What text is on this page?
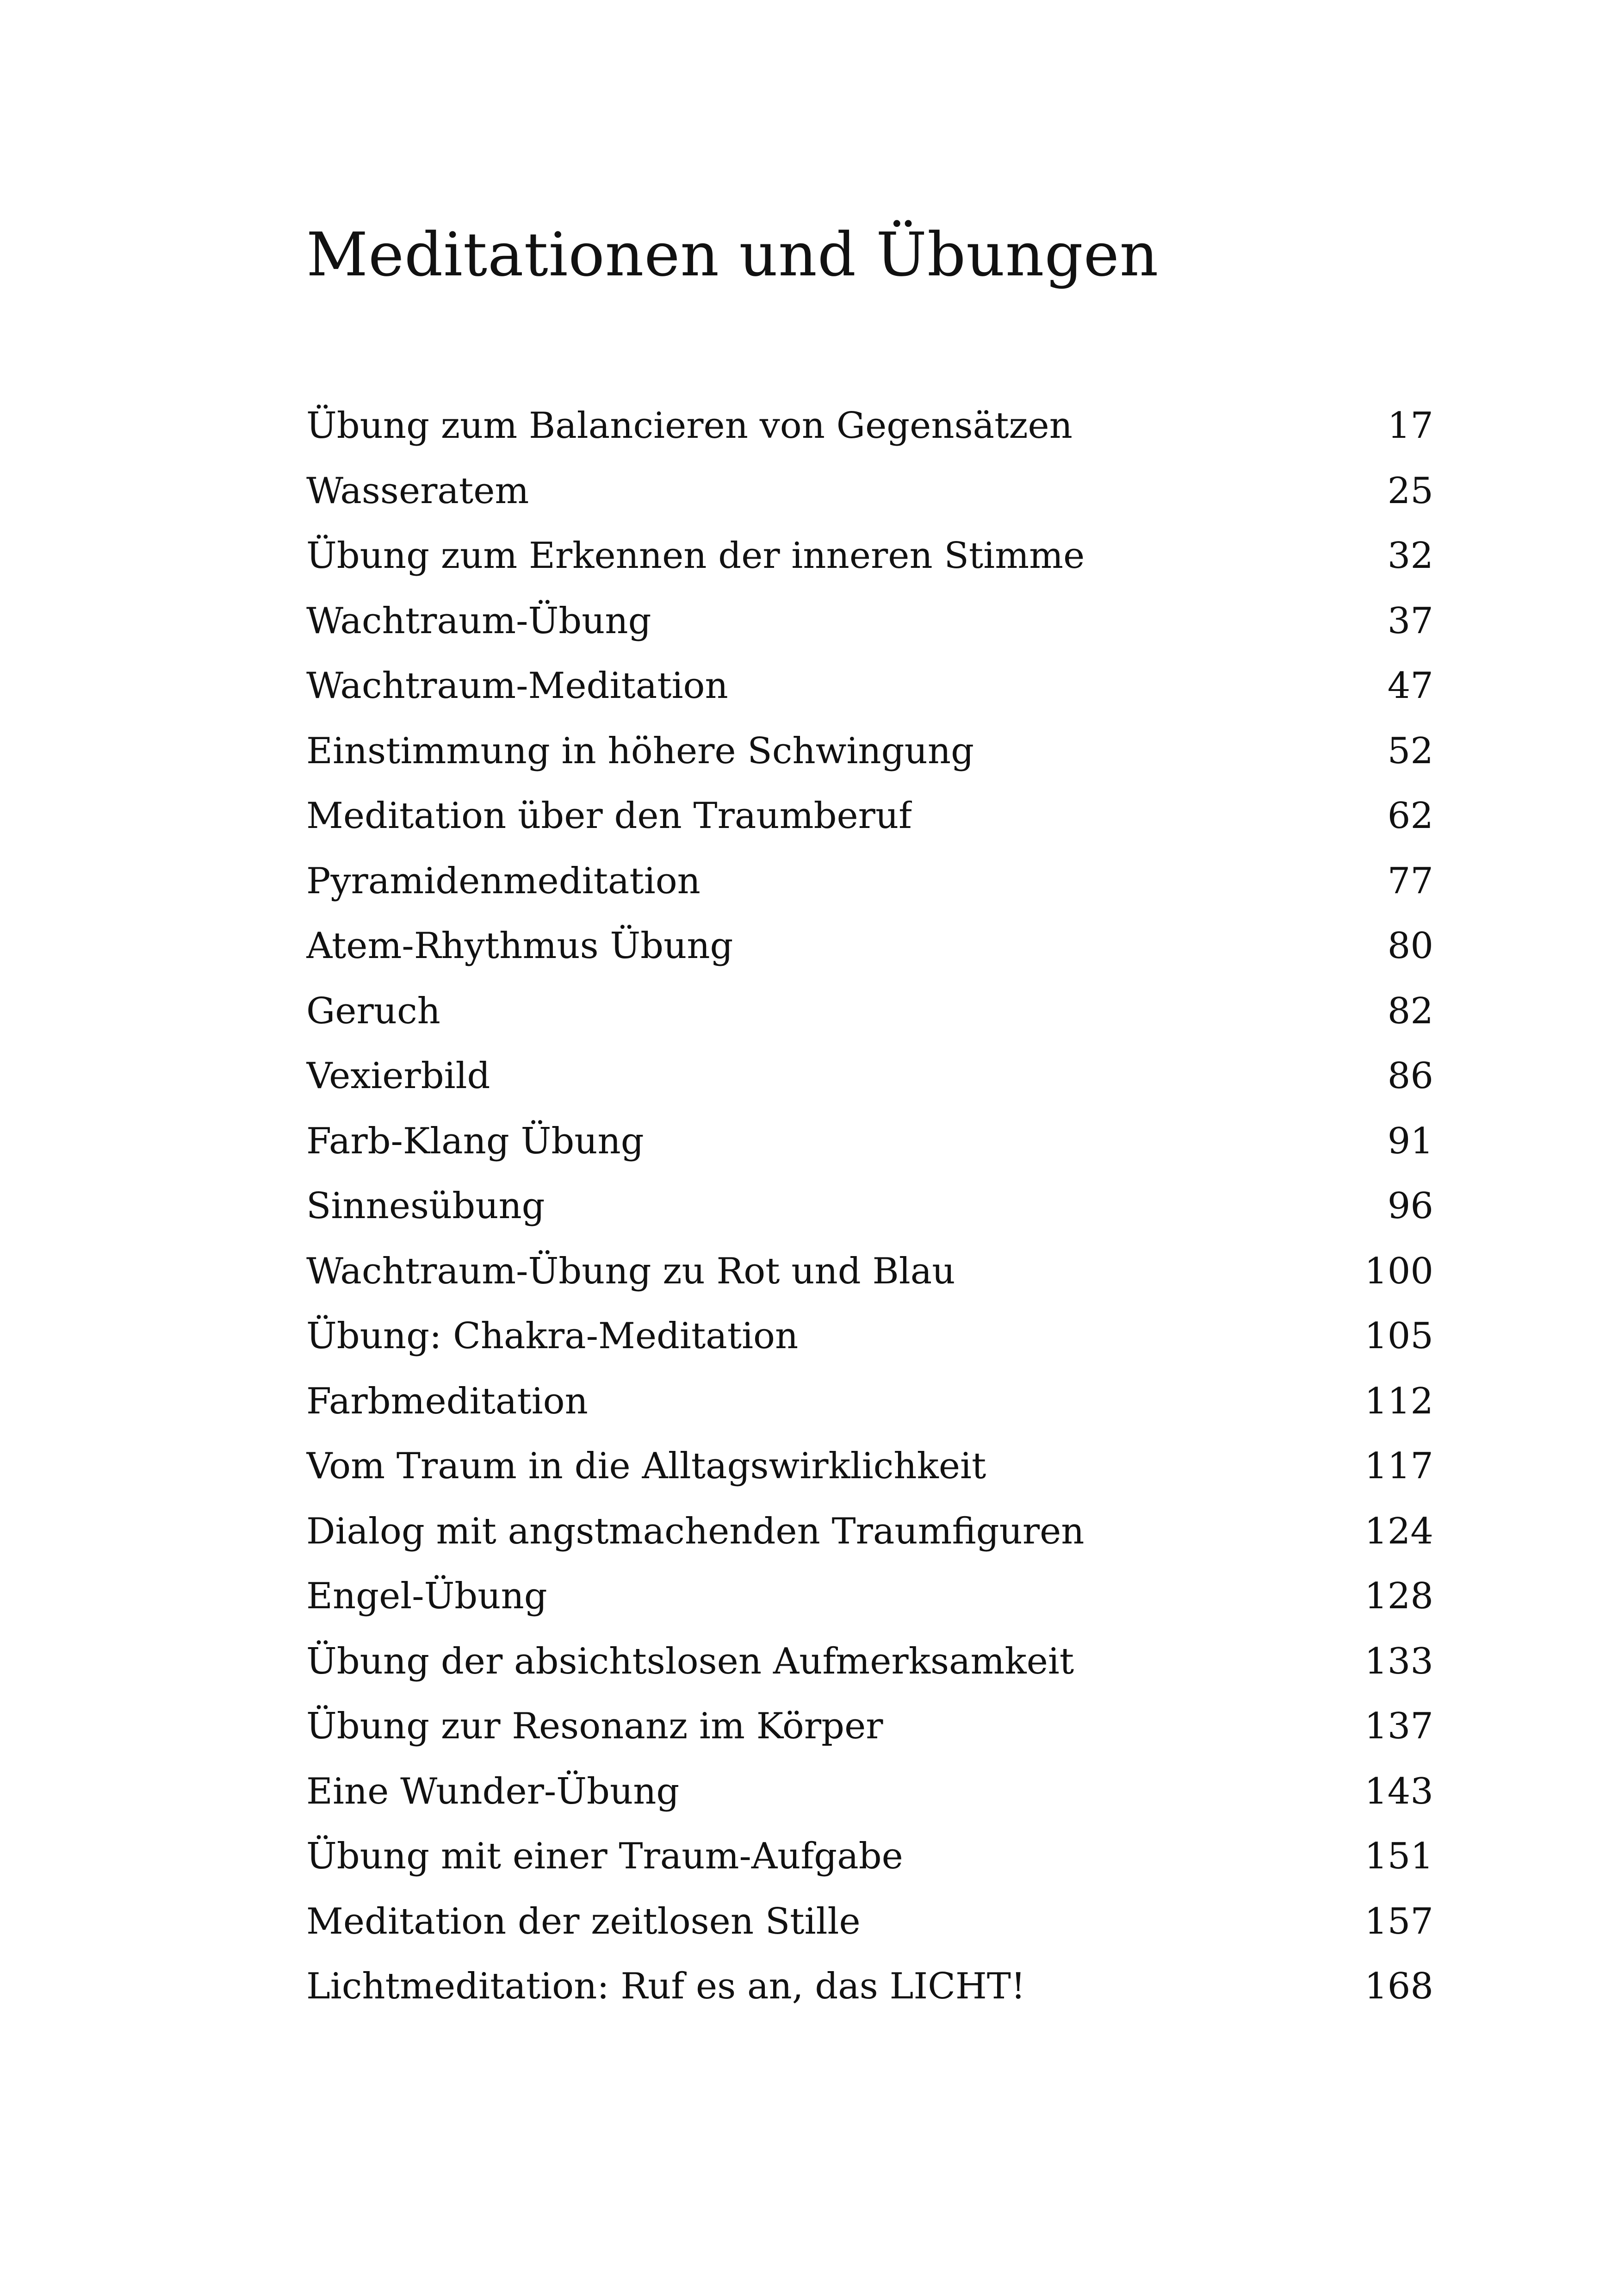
Meditationen und Übungen
Übung zum Balancieren von Gegensätzen	17
Wasseratem	25
Übung zum Erkennen der inneren Stimme	32
Wachtraum-Übung	37
Wachtraum-Meditation	47
Einstimmung in höhere Schwingung	52
Meditation über den Traumberuf	62
Pyramidenmeditation	77
Atem-Rhythmus Übung	80
Geruch	82
Vexierbild	86
Farb-Klang Übung	91
Sinnesübung	96
Wachtraum-Übung zu Rot und Blau	100
Übung: Chakra-Meditation	105
Farbmeditation	112
Vom Traum in die Alltagswirklichkeit	117
Dialog mit angstmachenden Traumfiguren	124
Engel-Übung	128
Übung der absichtslosen Aufmerksamkeit	133
Übung zur Resonanz im Körper	137
Eine Wunder-Übung	143
Übung mit einer Traum-Aufgabe	151
Meditation der zeitlosen Stille	157
Lichtmeditation: Ruf es an, das LICHT!	168
